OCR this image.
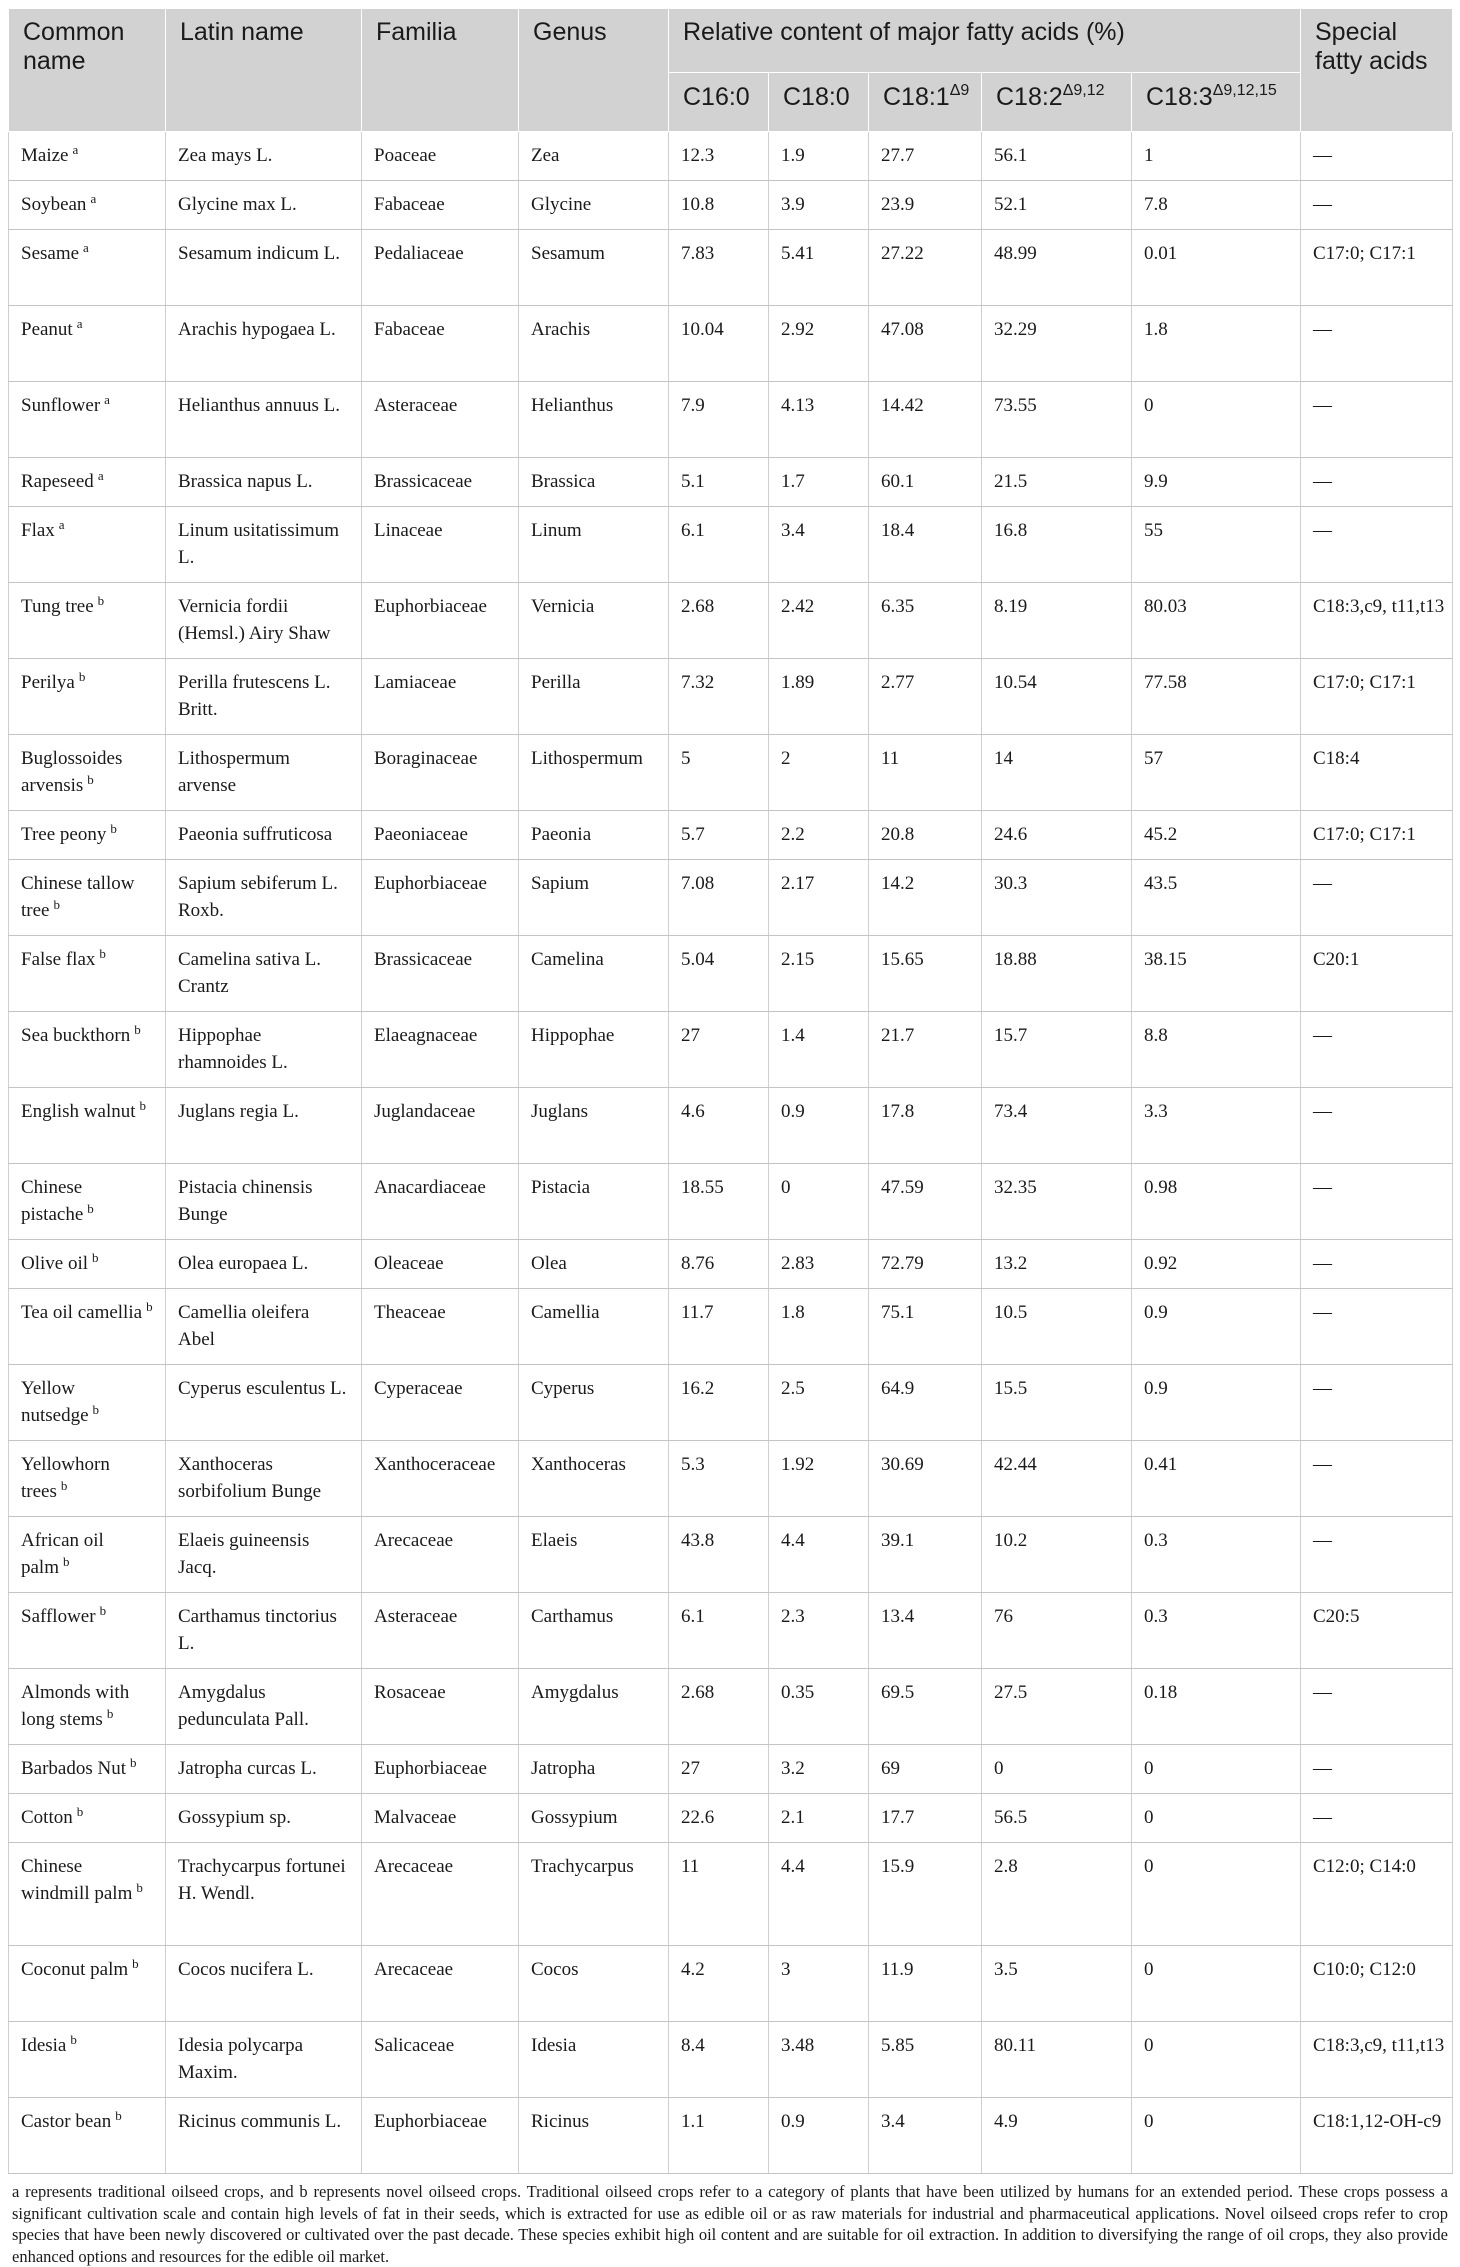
Common name	Latin name	Familia	Genus	Relative content of major fatty acids (%)					Special fatty acids
				C16:0	C18:0	$C18:1^{\Delta 9}$	$C18:2^{\Delta 9,12}$	$C18:3^{\Delta 9,12,15}$
Maize $^a$	Zea mays L.	Poaceae	Zea	12.3	1.9	27.7	56.1	1	—
Soybean $^a$	Glycine max L.	Fabaceae	Glycine	10.8	3.9	23.9	52.1	7.8	—
Sesame $^a$	Sesamum indicum L.	Pedaliaceae	Sesamum	7.83	5.41	27.22	48.99	0.01	C17:0; C17:1
Peanut $^a$	Arachis hypogaea L.	Fabaceae	Arachis	10.04	2.92	47.08	32.29	1.8	—
Sunflower $^a$	Helianthus annuus L.	Asteraceae	Helianthus	7.9	4.13	14.42	73.55	0	—
Rapeseed $^a$	Brassica napus L.	Brassicaceae	Brassica	5.1	1.7	60.1	21.5	9.9	—
Flax $^a$	Linum usitatissimum L.	Linaceae	Linum	6.1	3.4	18.4	16.8	55	—
Tung tree $^b$	Vernicia fordii (Hemsl.) Airy Shaw	Euphorbiaceae	Vernicia	2.68	2.42	6.35	8.19	80.03	C18:3,c9, t11,t13
Perilya $^b$	Perilla frutescens L. Britt.	Lamiaceae	Perilla	7.32	1.89	2.77	10.54	77.58	C17:0; C17:1
Buglossoides arvensis $^b$	Lithospermum arvense	Boraginaceae	Lithospermum	5	2	11	14	57	C18:4
Tree peony $^b$	Paeonia suffruticosa	Paeoniaceae	Paeonia	5.7	2.2	20.8	24.6	45.2	C17:0; C17:1
Chinese tallow tree $^b$	Sapium sebiferum L. Roxb.	Euphorbiaceae	Sapium	7.08	2.17	14.2	30.3	43.5	—
False flax $^b$	Camelina sativa L. Crantz	Brassicaceae	Camelina	5.04	2.15	15.65	18.88	38.15	C20:1
Sea buckthorn $^b$	Hippophae rhamnoides L.	Elaeagnaceae	Hippophae	27	1.4	21.7	15.7	8.8	—
English walnut $^b$	Juglans regia L.	Juglandaceae	Juglans	4.6	0.9	17.8	73.4	3.3	—
Chinese pistache $^b$	Pistacia chinensis Bunge	Anacardiaceae	Pistacia	18.55	0	47.59	32.35	0.98	—
Olive oil $^b$	Olea europaea L.	Oleaceae	Olea	8.76	2.83	72.79	13.2	0.92	—
Tea oil camellia $^b$	Camellia oleifera Abel	Theaceae	Camellia	11.7	1.8	75.1	10.5	0.9	—
Yellow nutsedge $^b$	Cyperus esculentus L.	Cyperaceae	Cyperus	16.2	2.5	64.9	15.5	0.9	—
Yellowhorn trees $^b$	Xanthoceras sorbifolium Bunge	Xanthoceraceae	Xanthoceras	5.3	1.92	30.69	42.44	0.41	—
African oil palm $^b$	Elaeis guineensis Jacq.	Arecaceae	Elaeis	43.8	4.4	39.1	10.2	0.3	—
Safflower $^b$	Carthamus tinctorius L.	Asteraceae	Carthamus	6.1	2.3	13.4	76	0.3	C20:5
Almonds with long stems $^b$	Amygdalus pedunculata Pall.	Rosaceae	Amygdalus	2.68	0.35	69.5	27.5	0.18	—
Barbados Nut $^b$	Jatropha curcas L.	Euphorbiaceae	Jatropha	27	3.2	69	0	0	—
Cotton $^b$	Gossypium sp.	Malvaceae	Gossypium	22.6	2.1	17.7	56.5	0	—
Chinese windmill palm $^b$	Trachycarpus fortunei H. Wendl.	Arecaceae	Trachycarpus	11	4.4	15.9	2.8	0	C12:0; C14:0
Coconut palm $^b$	Cocos nucifera L.	Arecaceae	Cocos	4.2	3	11.9	3.5	0	C10:0; C12:0
Idesia $^b$	Idesia polycarpa Maxim.	Salicaceae	Idesia	8.4	3.48	5.85	80.11	0	C18:3,c9, t11,t13
Castor bean $^b$	Ricinus communis L.	Euphorbiaceae	Ricinus	1.1	0.9	3.4	4.9	0	C18:1,12-OH-c9

a represents traditional oilseed crops, and b represents novel oilseed crops. Traditional oilseed crops refer to a category of plants that have been utilized by humans for an extended period. These crops possess a significant cultivation scale and contain high levels of fat in their seeds, which is extracted for use as edible oil or as raw materials for industrial and pharmaceutical applications. Novel oilseed crops refer to crop species that have been newly discovered or cultivated over the past decade. These species exhibit high oil content and are suitable for oil extraction. In addition to diversifying the range of oil crops, they also provide enhanced options and resources for the edible oil market.
